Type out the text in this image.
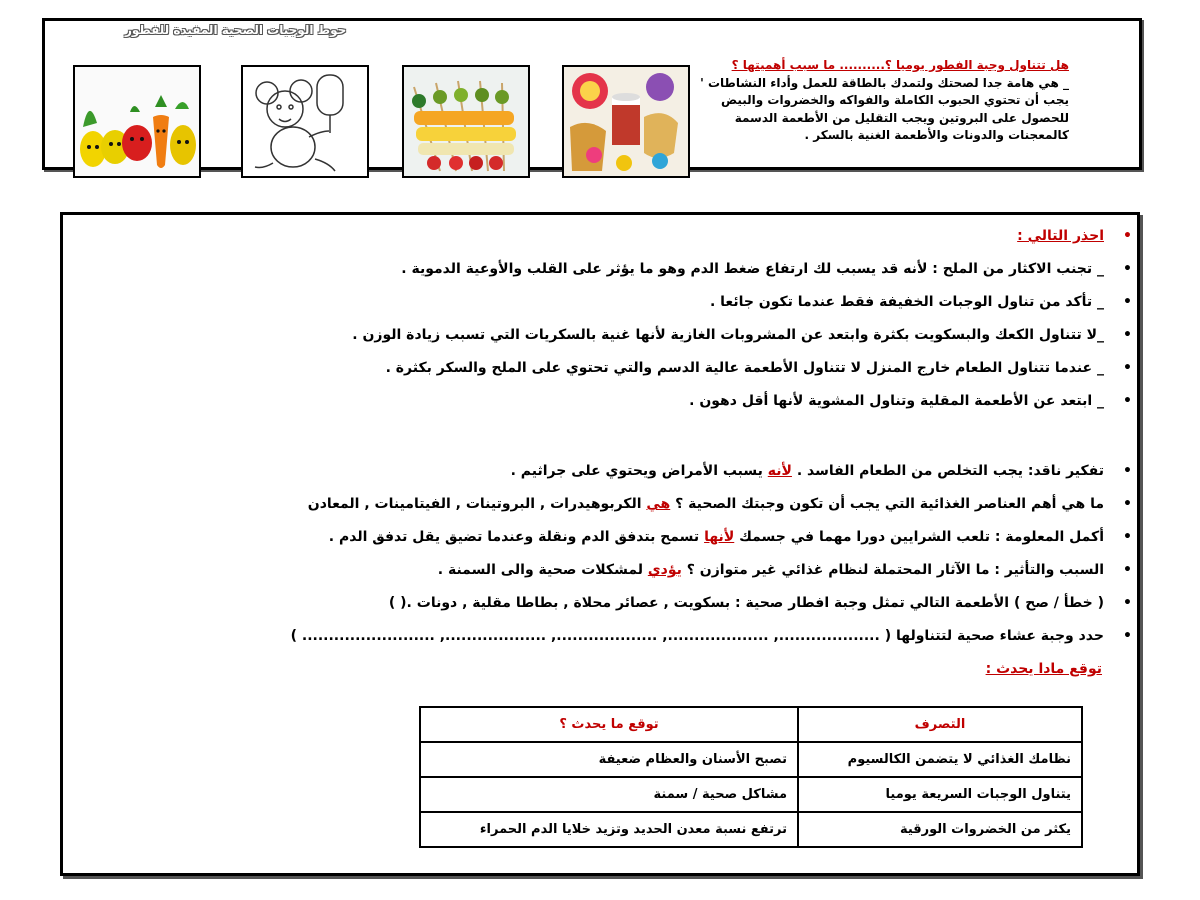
حوط الوجبات الصحية المفيدة للفطور
هل تتناول وجبة الفطور يوميا ؟.......... ما سبب أهميتها ؟
_ هي هامة جدا لصحتك ولتمدك بالطاقة للعمل وأداء النشاطات '
يجب أن تحتوي الحبوب الكاملة والفواكه والخضروات والبيض
للحصول على البروتين ويجب التقليل من الأطعمة الدسمة
كالمعجنات والدونات والأطعمة الغنية بالسكر .
• احذر التالي :
• _ تجنب الاكثار من الملح : لأنه قد يسبب لك ارتفاع ضغط الدم وهو ما يؤثر على القلب والأوعية الدموية .
• _ تأكد من تناول الوجبات الخفيفة فقط عندما تكون جائعا .
• _لا تتناول الكعك والبسكويت بكثرة وابتعد عن المشروبات الغازية لأنها غنية بالسكريات التي تسبب زيادة الوزن .
• _ عندما تتناول الطعام خارج المنزل لا تتناول الأطعمة عالية الدسم والتي تحتوي على الملح والسكر بكثرة .
• _ ابتعد عن الأطعمة المقلية وتناول المشوية لأنها أقل دهون .
• تفكير ناقد: يجب التخلص من الطعام الفاسد . لأنه يسبب الأمراض ويحتوي على جراثيم .
• ما هي أهم العناصر الغذائية التي يجب أن تكون وجبتك الصحية ؟ هي الكربوهيدرات , البروتينات , الفيتامينات , المعادن
• أكمل المعلومة : تلعب الشرايين دورا مهما في جسمك لأنها تسمح بتدفق الدم ونقلة وعندما تضيق يقل تدفق الدم .
• السبب والتأثير : ما الآثار المحتملة لنظام غذائي غير متوازن ؟ يؤدي لمشكلات صحية والى السمنة .
• ( خطأ / صح ) الأطعمة التالي تمثل وجبة افطار صحية : بسكويت , عصائر محلاة , بطاطا مقلية , دونات .( )
• حدد وجبة عشاء صحية لتتناولها ( ..................., ..................., ..................., ..................., ......................... )
توقع مادا يحدث :
التصرف	توقع ما يحدث ؟
نظامك الغذائي لا يتضمن الكالسيوم	تصبح الأسنان والعظام ضعيفة
يتناول الوجبات السريعة يوميا	مشاكل صحية / سمنة
يكثر من الخضروات الورقية	ترتفع نسبة معدن الحديد وتزيد خلايا الدم الحمراء
